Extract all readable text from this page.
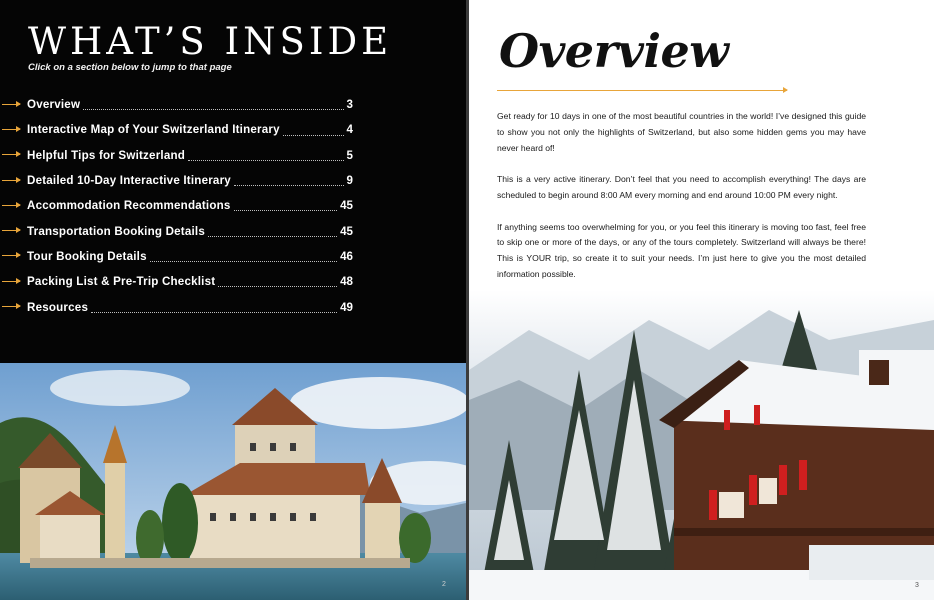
WHAT’S INSIDE
Click on a section below to jump to that page
Overview	3
Interactive Map of Your Switzerland Itinerary	4
Helpful Tips for Switzerland	5
Detailed 10-Day Interactive Itinerary	9
Accommodation Recommendations	45
Transportation Booking Details	45
Tour Booking Details	46
Packing List & Pre-Trip Checklist	48
Resources	49
2
Overview

Get ready for 10 days in one of the most beautiful countries in the world! I’ve designed this guide to show you not only the highlights of Switzerland, but also some hidden gems you may have never heard of!

This is a very active itinerary. Don’t feel that you need to accomplish everything! The days are scheduled to begin around 8:00 AM every morning and end around 10:00 PM every night.

If anything seems too overwhelming for you, or you feel this itinerary is moving too fast, feel free to skip one or more of the days, or any of the tours completely. Switzerland will always be there! This is YOUR trip, so create it to suit your needs. I’m just here to give you the most detailed information possible.

3
